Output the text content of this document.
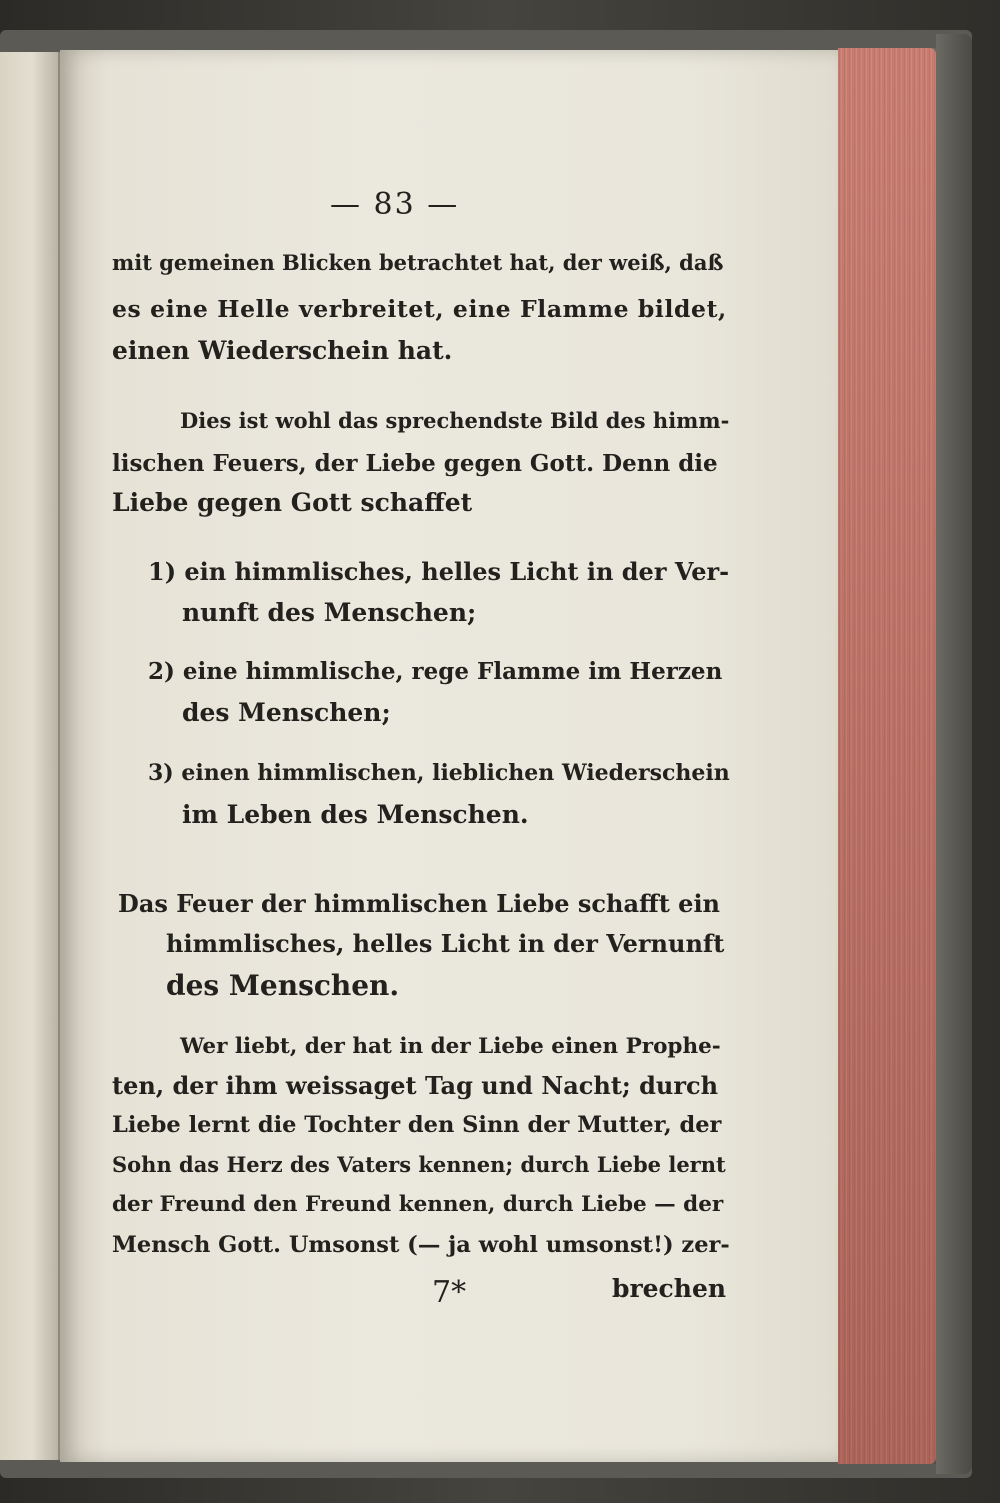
— 83 —
mit gemeinen Blicken betrachtet hat, der weiß, daß
es eine Helle verbreitet, eine Flamme bildet,
einen Wiederschein hat.
Dies ist wohl das sprechendste Bild des himm-
lischen Feuers, der Liebe gegen Gott. Denn die
Liebe gegen Gott schaffet
1) ein himmlisches, helles Licht in der Ver-
nunft des Menschen;
2) eine himmlische, rege Flamme im Herzen
des Menschen;
3) einen himmlischen, lieblichen Wiederschein
im Leben des Menschen.
Das Feuer der himmlischen Liebe schafft ein
himmlisches, helles Licht in der Vernunft
des Menschen.
Wer liebt, der hat in der Liebe einen Prophe-
ten, der ihm weissaget Tag und Nacht; durch
Liebe lernt die Tochter den Sinn der Mutter, der
Sohn das Herz des Vaters kennen; durch Liebe lernt
der Freund den Freund kennen, durch Liebe — der
Mensch Gott. Umsonst (— ja wohl umsonst!) zer-
7*	brechen
